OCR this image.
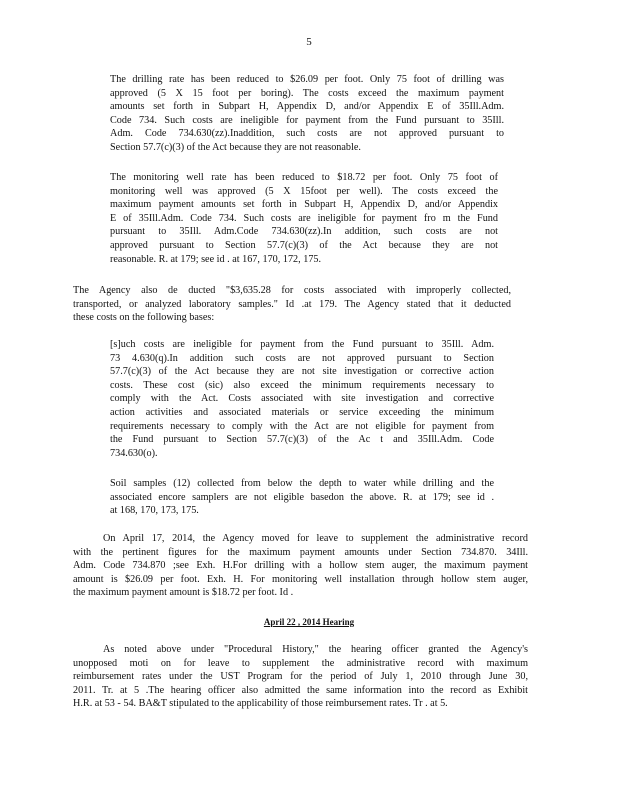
5
The drilling rate has been reduced to $26.09 per foot. Only 75 foot of drilling was
approved (5 X 15 foot per boring). The costs exceed the maximum payment
amounts set forth in Subpart H, Appendix D, and/or Appendix E of 35Ill.Adm.
Code 734. Such costs are ineligible for payment from the Fund pursuant to 35Ill.
Adm. Code 734.630(zz).Inaddition, such costs are not approved pursuant to
Section 57.7(c)(3) of the Act because they are not reasonable.
The monitoring well rate has been reduced to $18.72 per foot. Only 75 foot of
monitoring well was approved (5 X 15foot per well). The costs exceed the
maximum payment amounts set forth in Subpart H, Appendix D, and/or Appendix
E of 35Ill.Adm. Code 734. Such costs are ineligible for payment fro m the Fund
pursuant to 35Ill. Adm.Code 734.630(zz).In addition, such costs are not
approved pursuant to Section 57.7(c)(3) of the Act because they are not
reasonable. R. at 179; see id . at 167, 170, 172, 175.
The Agency also de ducted "$3,635.28 for costs associated with improperly collected,
transported, or analyzed laboratory samples." Id .at 179. The Agency stated that it deducted
these costs on the following bases:
[s]uch costs are ineligible for payment from the Fund pursuant to 35Ill. Adm.
73 4.630(q).In addition such costs are not approved pursuant to Section
57.7(c)(3) of the Act because they are not site investigation or corrective action
costs. These cost (sic) also exceed the minimum requirements necessary to
comply with the Act. Costs associated with site investigation and corrective
action activities and associated materials or service exceeding the minimum
requirements necessary to comply with the Act are not eligible for payment from
the Fund pursuant to Section 57.7(c)(3) of the Ac t and 35Ill.Adm. Code
734.630(o).
Soil samples (12) collected from below the depth to water while drilling and the
associated encore samplers are not eligible basedon the above. R. at 179; see id .
at 168, 170, 173, 175.
On April 17, 2014, the Agency moved for leave to supplement the administrative record
with the pertinent figures for the maximum payment amounts under Section 734.870. 34Ill.
Adm. Code 734.870 ;see Exh. H.For drilling with a hollow stem auger, the maximum payment
amount is $26.09 per foot. Exh. H. For monitoring well installation through hollow stem auger,
the maximum payment amount is $18.72 per foot. Id .
April 22 , 2014 Hearing
As noted above under "Procedural History," the hearing officer granted the Agency's
unopposed moti on for leave to supplement the administrative record with maximum
reimbursement rates under the UST Program for the period of July 1, 2010 through June 30,
2011. Tr. at 5 .The hearing officer also admitted the same information into the record as Exhibit
H.R. at 53 - 54. BA&T stipulated to the applicability of those reimbursement rates. Tr . at 5.
